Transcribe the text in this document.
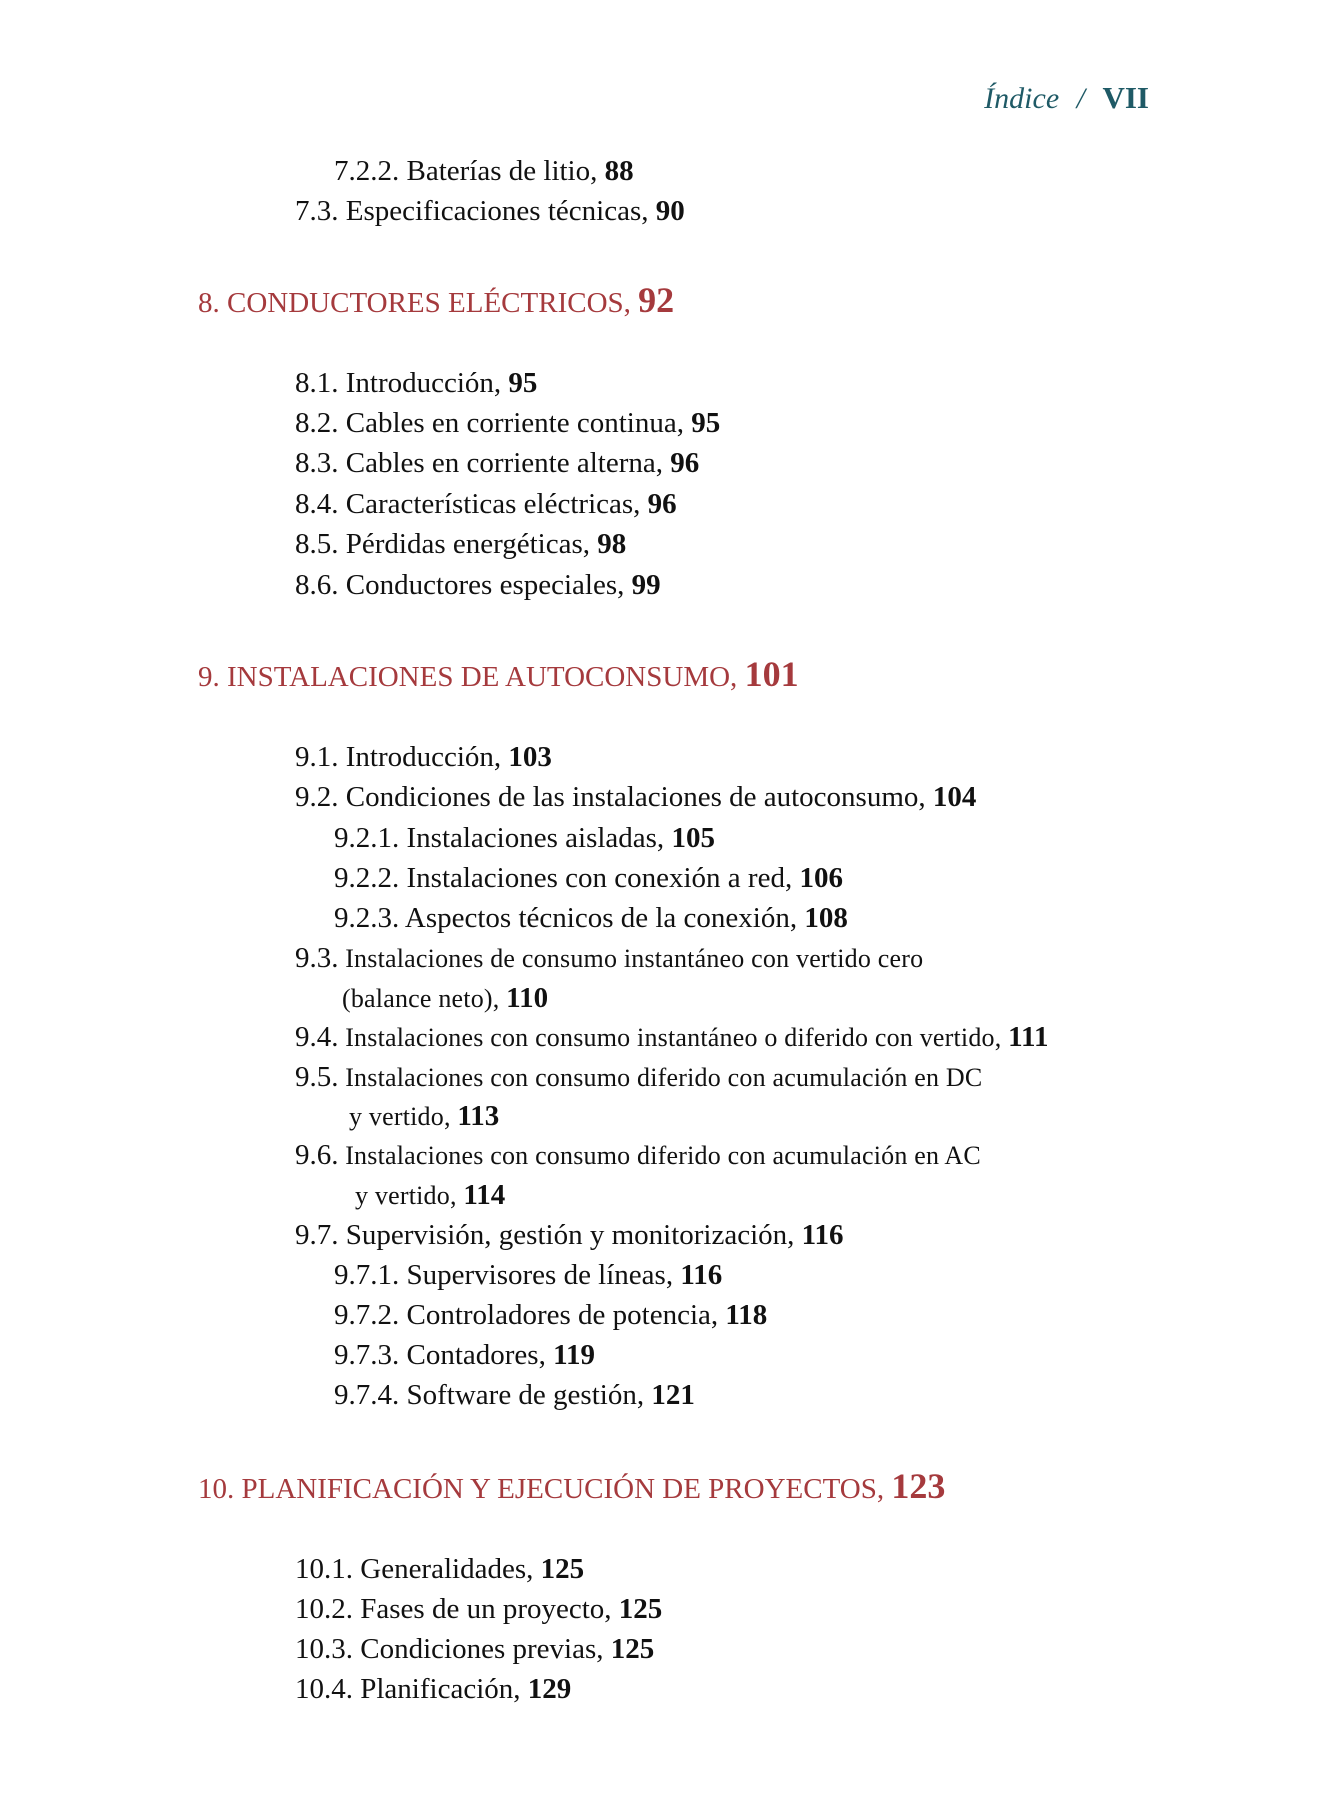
Índice / VII
7.2.2. Baterías de litio, 88
7.3. Especificaciones técnicas, 90
8. CONDUCTORES ELÉCTRICOS, 92
8.1. Introducción, 95
8.2. Cables en corriente continua, 95
8.3. Cables en corriente alterna, 96
8.4. Características eléctricas, 96
8.5. Pérdidas energéticas, 98
8.6. Conductores especiales, 99
9. INSTALACIONES DE AUTOCONSUMO, 101
9.1. Introducción, 103
9.2. Condiciones de las instalaciones de autoconsumo, 104
9.2.1. Instalaciones aisladas, 105
9.2.2. Instalaciones con conexión a red, 106
9.2.3. Aspectos técnicos de la conexión, 108
9.3. Instalaciones de consumo instantáneo con vertido cero
(balance neto), 110
9.4. Instalaciones con consumo instantáneo o diferido con vertido, 111
9.5. Instalaciones con consumo diferido con acumulación en DC
y vertido, 113
9.6. Instalaciones con consumo diferido con acumulación en AC
y vertido, 114
9.7. Supervisión, gestión y monitorización, 116
9.7.1. Supervisores de líneas, 116
9.7.2. Controladores de potencia, 118
9.7.3. Contadores, 119
9.7.4. Software de gestión, 121
10. PLANIFICACIÓN Y EJECUCIÓN DE PROYECTOS, 123
10.1. Generalidades, 125
10.2. Fases de un proyecto, 125
10.3. Condiciones previas, 125
10.4. Planificación, 129
